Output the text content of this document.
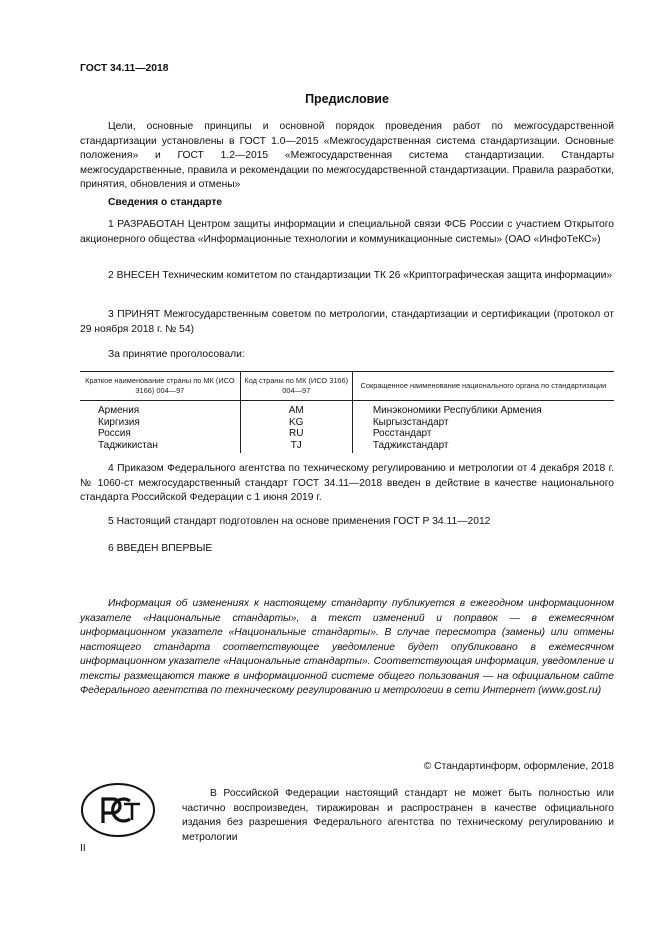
ГОСТ 34.11—2018
Предисловие

Цели, основные принципы и основной порядок проведения работ по межгосударственной стандартизации установлены в ГОСТ 1.0—2015 «Межгосударственная система стандартизации. Основные положения» и ГОСТ 1.2—2015 «Межгосударственная система стандартизации. Стандарты межгосударственные, правила и рекомендации по межгосударственной стандартизации. Правила разработки, принятия, обновления и отмены»

Сведения о стандарте

1 РАЗРАБОТАН Центром защиты информации и специальной связи ФСБ России с участием Открытого акционерного общества «Информационные технологии и коммуникационные системы» (ОАО «ИнфоТеКС»)

2 ВНЕСЕН Техническим комитетом по стандартизации ТК 26 «Криптографическая защита информации»

3 ПРИНЯТ Межгосударственным советом по метрологии, стандартизации и сертификации (протокол от 29 ноября 2018 г. № 54)

За принятие проголосовали:
Краткое наименование страны по МК (ИСО 3166) 004—97	Код страны по МК (ИСО 3166) 004—97	Сокращенное наименование национального органа по стандартизации
Армения	AM	Минэкономики Республики Армения
Киргизия	KG	Кыргызстандарт
Россия	RU	Росстандарт
Таджикистан	TJ	Таджикстандарт

4 Приказом Федерального агентства по техническому регулированию и метрологии от 4 декабря 2018 г. № 1060-ст межгосударственный стандарт ГОСТ 34.11—2018 введен в действие в качестве национального стандарта Российской Федерации с 1 июня 2019 г.

5 Настоящий стандарт подготовлен на основе применения ГОСТ Р 34.11—2012

6 ВВЕДЕН ВПЕРВЫЕ

Информация об изменениях к настоящему стандарту публикуется в ежегодном информационном указателе «Национальные стандарты», а текст изменений и поправок — в ежемесячном информационном указателе «Национальные стандарты». В случае пересмотра (замены) или отмены настоящего стандарта соответствующее уведомление будет опубликовано в ежемесячном информационном указателе «Национальные стандарты». Соответствующая информация, уведомление и тексты размещаются также в информационной системе общего пользования — на официальном сайте Федерального агентства по техническому регулированию и метрологии в сети Интернет (www.gost.ru)

© Стандартинформ, оформление, 2018
РСТ

В Российской Федерации настоящий стандарт не может быть полностью или частично воспроизведен, тиражирован и распространен в качестве официального издания без разрешения Федерального агентства по техническому регулированию и метрологии

II
